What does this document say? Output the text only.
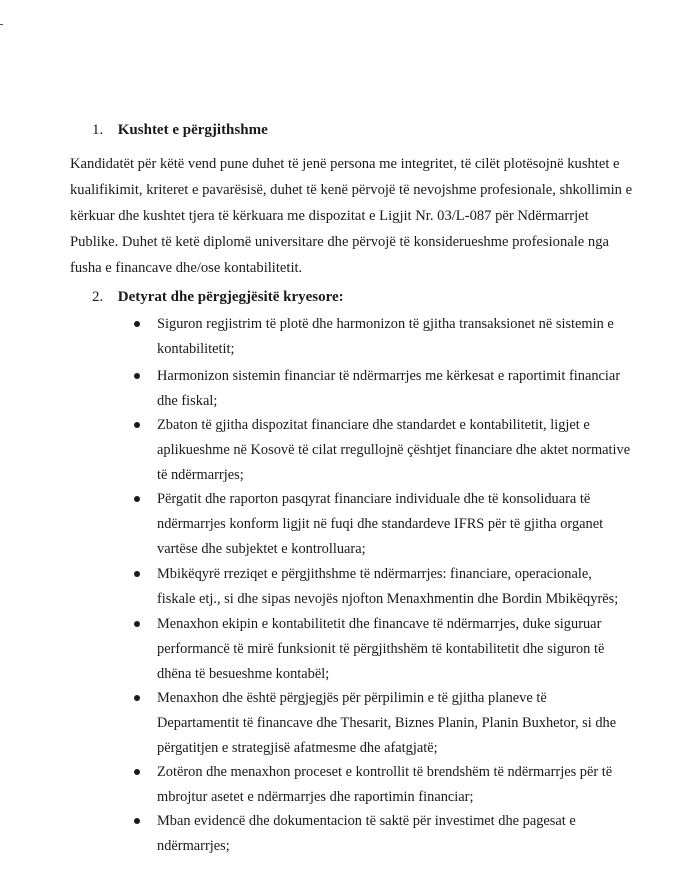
1. Kushtet e përgjithshme

Kandidatët për këtë vend pune duhet të jenë persona me integritet, të cilët plotësojnë kushtet e
kualifikimit, kriteret e pavarësisë, duhet të kenë përvojë të nevojshme profesionale, shkollimin e
kërkuar dhe kushtet tjera të kërkuara me dispozitat e Ligjit Nr. 03/L-087 për Ndërmarrjet
Publike. Duhet të ketë diplomë universitare dhe përvojë të konsiderueshme profesionale nga
fusha e financave dhe/ose kontabilitetit.

2. Detyrat dhe përgjegjësitë kryesore:
Siguron regjistrim të plotë dhe harmonizon të gjitha transaksionet në sistemin e
kontabilitetit;
Harmonizon sistemin financiar të ndërmarrjes me kërkesat e raportimit financiar
dhe fiskal;
Zbaton të gjitha dispozitat financiare dhe standardet e kontabilitetit, ligjet e
aplikueshme në Kosovë të cilat rregullojnë çështjet financiare dhe aktet normative
të ndërmarrjes;
Përgatit dhe raporton pasqyrat financiare individuale dhe të konsoliduara të
ndërmarrjes konform ligjit në fuqi dhe standardeve IFRS për të gjitha organet
vartëse dhe subjektet e kontrolluara;
Mbikëqyrë rreziqet e përgjithshme të ndërmarrjes: financiare, operacionale,
fiskale etj., si dhe sipas nevojës njofton Menaxhmentin dhe Bordin Mbikëqyrës;
Menaxhon ekipin e kontabilitetit dhe financave të ndërmarrjes, duke siguruar
performancë të mirë funksionit të përgjithshëm të kontabilitetit dhe siguron të
dhëna të besueshme kontabël;
Menaxhon dhe është përgjegjës për përpilimin e të gjitha planeve të
Departamentit të financave dhe Thesarit, Biznes Planin, Planin Buxhetor, si dhe
përgatitjen e strategjisë afatmesme dhe afatgjatë;
Zotëron dhe menaxhon proceset e kontrollit të brendshëm të ndërmarrjes për të
mbrojtur asetet e ndërmarrjes dhe raportimin financiar;
Mban evidencë dhe dokumentacion të saktë për investimet dhe pagesat e
ndërmarrjes;
